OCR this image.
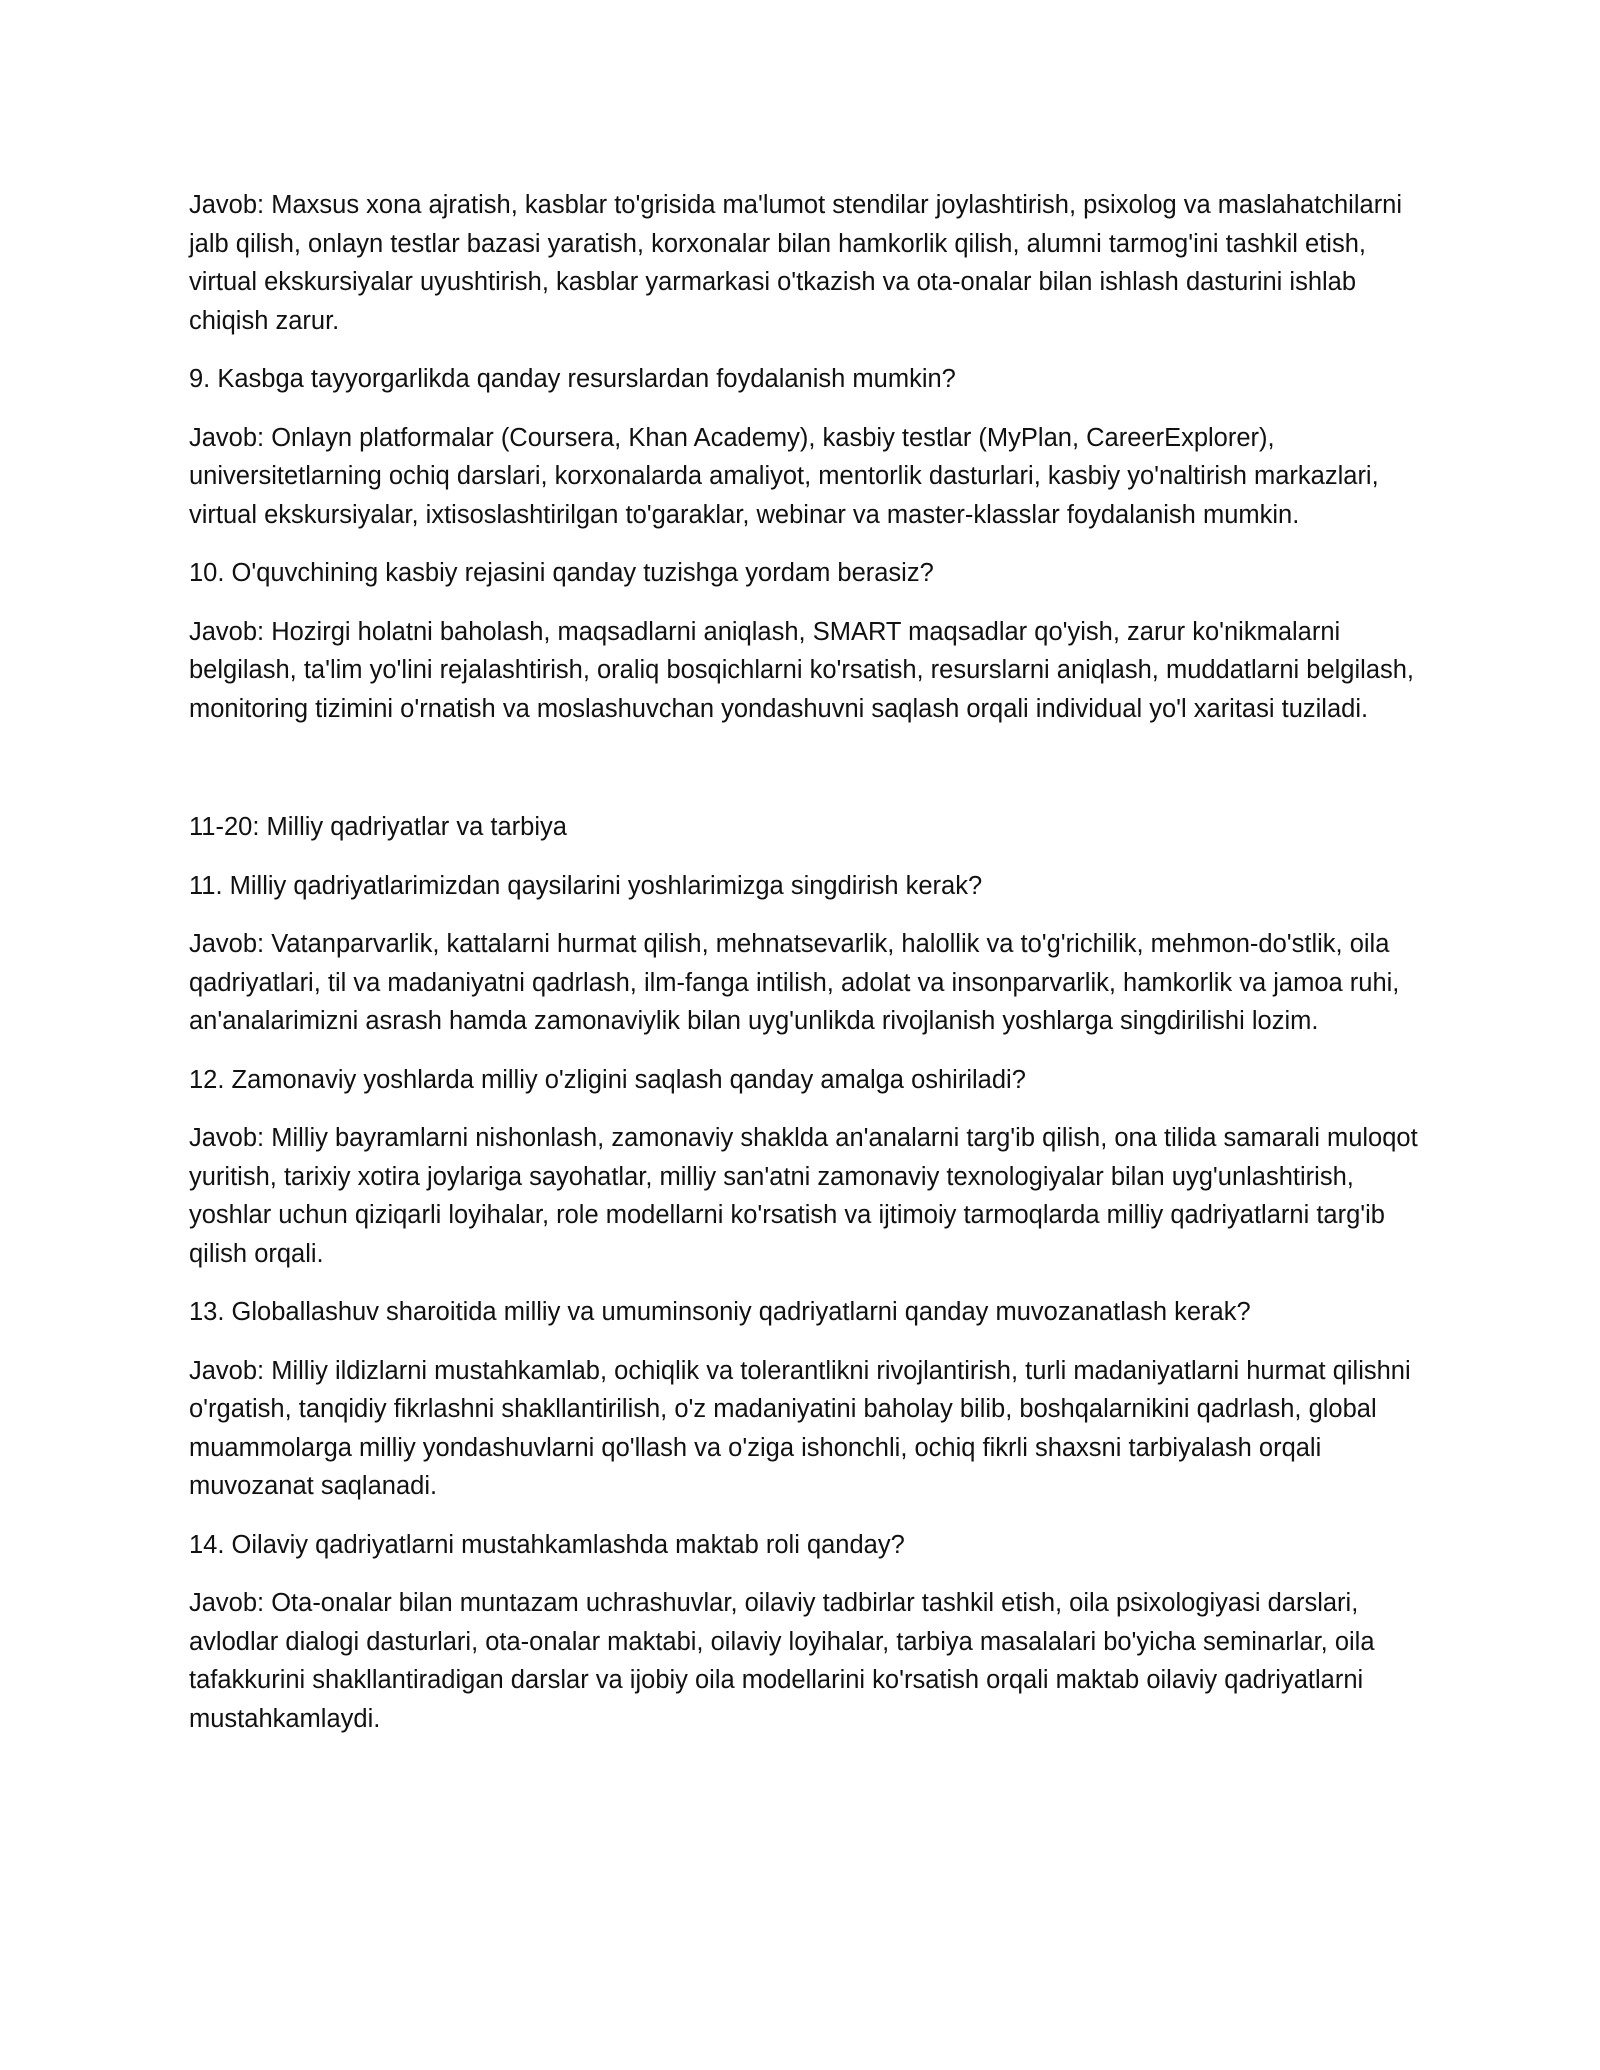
Javob: Maxsus xona ajratish, kasblar to'grisida ma'lumot stendilar joylashtirish, psixolog va maslahatchilarni jalb qilish, onlayn testlar bazasi yaratish, korxonalar bilan hamkorlik qilish, alumni tarmog'ini tashkil etish, virtual ekskursiyalar uyushtirish, kasblar yarmarkasi o'tkazish va ota-onalar bilan ishlash dasturini ishlab chiqish zarur.

9. Kasbga tayyorgarlikda qanday resurslardan foydalanish mumkin?

Javob: Onlayn platformalar (Coursera, Khan Academy), kasbiy testlar (MyPlan, CareerExplorer), universitetlarning ochiq darslari, korxonalarda amaliyot, mentorlik dasturlari, kasbiy yo'naltirish markazlari, virtual ekskursiyalar, ixtisoslashtirilgan to'garaklar, webinar va master-klasslar foydalanish mumkin.

10. O'quvchining kasbiy rejasini qanday tuzishga yordam berasiz?

Javob: Hozirgi holatni baholash, maqsadlarni aniqlash, SMART maqsadlar qo'yish, zarur ko'nikmalarni belgilash, ta'lim yo'lini rejalashtirish, oraliq bosqichlarni ko'rsatish, resurslarni aniqlash, muddatlarni belgilash, monitoring tizimini o'rnatish va moslashuvchan yondashuvni saqlash orqali individual yo'l xaritasi tuziladi.

11-20: Milliy qadriyatlar va tarbiya

11. Milliy qadriyatlarimizdan qaysilarini yoshlarimizga singdirish kerak?

Javob: Vatanparvarlik, kattalarni hurmat qilish, mehnatsevarlik, halollik va to'g'richilik, mehmon-do'stlik, oila qadriyatlari, til va madaniyatni qadrlash, ilm-fanga intilish, adolat va insonparvarlik, hamkorlik va jamoa ruhi, an'analarimizni asrash hamda zamonaviylik bilan uyg'unlikda rivojlanish yoshlarga singdirilishi lozim.

12. Zamonaviy yoshlarda milliy o'zligini saqlash qanday amalga oshiriladi?

Javob: Milliy bayramlarni nishonlash, zamonaviy shaklda an'analarni targ'ib qilish, ona tilida samarali muloqot yuritish, tarixiy xotira joylariga sayohatlar, milliy san'atni zamonaviy texnologiyalar bilan uyg'unlashtirish, yoshlar uchun qiziqarli loyihalar, role modellarni ko'rsatish va ijtimoiy tarmoqlarda milliy qadriyatlarni targ'ib qilish orqali.

13. Globallashuv sharoitida milliy va umuminsoniy qadriyatlarni qanday muvozanatlash kerak?

Javob: Milliy ildizlarni mustahkamlab, ochiqlik va tolerantlikni rivojlantirish, turli madaniyatlarni hurmat qilishni o'rgatish, tanqidiy fikrlashni shakllantirilish, o'z madaniyatini baholay bilib, boshqalarnikini qadrlash, global muammolarga milliy yondashuvlarni qo'llash va o'ziga ishonchli, ochiq fikrli shaxsni tarbiyalash orqali muvozanat saqlanadi.

14. Oilaviy qadriyatlarni mustahkamlashda maktab roli qanday?

Javob: Ota-onalar bilan muntazam uchrashuvlar, oilaviy tadbirlar tashkil etish, oila psixologiyasi darslari, avlodlar dialogi dasturlari, ota-onalar maktabi, oilaviy loyihalar, tarbiya masalalari bo'yicha seminarlar, oila tafakkurini shakllantiradigan darslar va ijobiy oila modellarini ko'rsatish orqali maktab oilaviy qadriyatlarni mustahkamlaydi.
